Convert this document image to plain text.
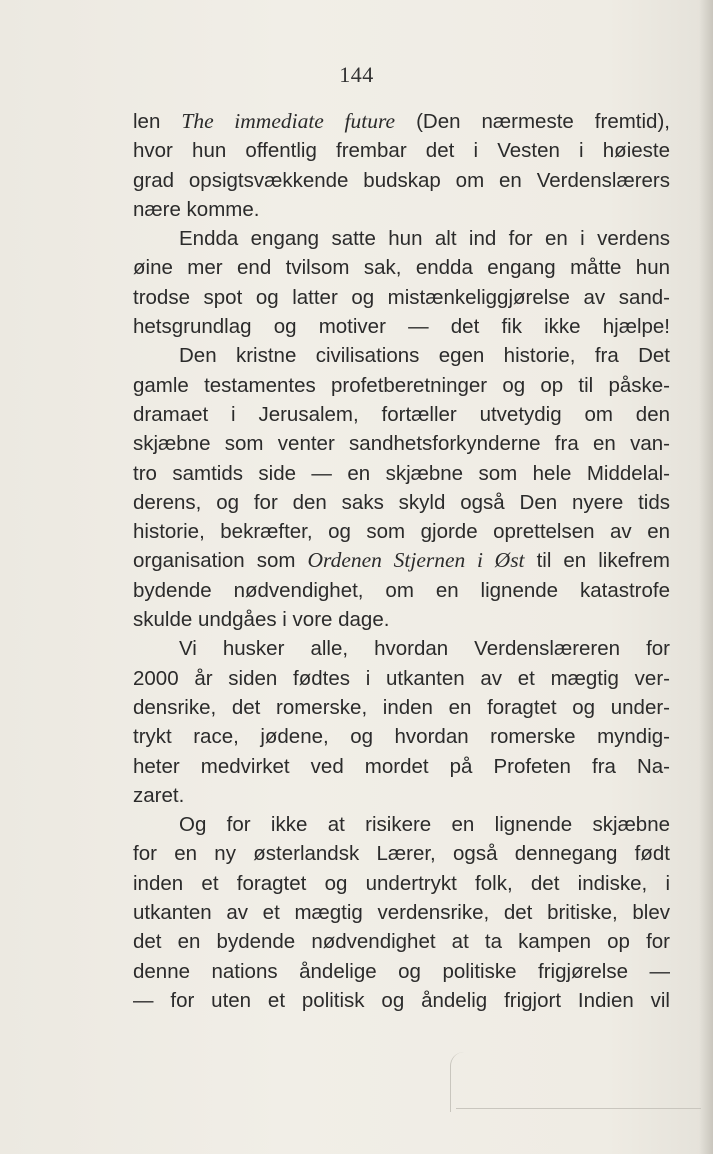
144
len The immediate future (Den nærmeste fremtid),
hvor hun offentlig frembar det i Vesten i høieste
grad opsigtsvækkende budskap om en Verdenslærers
nære komme.
Endda engang satte hun alt ind for en i verdens
øine mer end tvilsom sak, endda engang måtte hun
trodse spot og latter og mistænkeliggjørelse av sand-
hetsgrundlag og motiver — det fik ikke hjælpe!
Den kristne civilisations egen historie, fra Det
gamle testamentes profetberetninger og op til påske-
dramaet i Jerusalem, fortæller utvetydig om den
skjæbne som venter sandhetsforkynderne fra en van-
tro samtids side — en skjæbne som hele Middelal-
derens, og for den saks skyld også Den nyere tids
historie, bekræfter, og som gjorde oprettelsen av en
organisation som Ordenen Stjernen i Øst til en likefrem
bydende nødvendighet, om en lignende katastrofe
skulde undgåes i vore dage.
Vi husker alle, hvordan Verdenslæreren for
2000 år siden fødtes i utkanten av et mægtig ver-
densrike, det romerske, inden en foragtet og under-
trykt race, jødene, og hvordan romerske myndig-
heter medvirket ved mordet på Profeten fra Na-
zaret.
Og for ikke at risikere en lignende skjæbne
for en ny østerlandsk Lærer, også dennegang født
inden et foragtet og undertrykt folk, det indiske, i
utkanten av et mægtig verdensrike, det britiske, blev
det en bydende nødvendighet at ta kampen op for
denne nations åndelige og politiske frigjørelse —
— for uten et politisk og åndelig frigjort Indien vil
